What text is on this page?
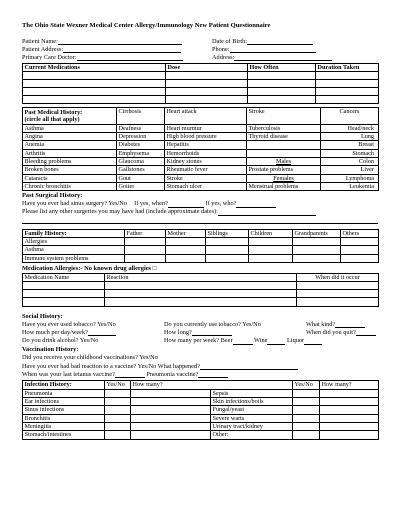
The Ohio State Wexner Medical Center Allergy/Immunology New Patient Questionnaire
Patient Name:	Date of Birth:
Patient Address:	Phone:
Primary Care Doctor:	Address:
Current Medications	Dose	How Often	Duration Taken

Past Medical History:	Cirrhosis	Heart attack	Stroke	Cancers
(circle all that apply)				
Asthma	Deafness	Heart murmur	Tuberculosis	Head/neck
Angina	Depression	High blood pressure	Thyroid disease	Lung
Anemia	Diabetes	Hepatitis		Breast
Arthritis	Emphysema	Hemorrhoids		Stomach
Bleeding problems	Glaucoma	Kidney stones	Males	Colon
Broken bones	Gallstones	Rheumatic fever	Prostate problems	Liver
Cataracts	Gout	Stroke	Females	Lymphoma
Chronic bronchitis	Goiter	Stomach ulcer	Menstrual problems	Leukemia
Past Surgical History:
Have you ever had sinus surgery? Yes/No If yes, when?	If yes, who?
Please list any other surgeries you may have had (include approximate dates):
Family History:	Father	Mother	Siblings	Children	Grandparents	Others
Allergies						
Asthma						
Immune system problems						
Medication Allergies:- No known drug allergies □
Medication Name	Reaction	When did it occur

Social History:
Have you ever used tobacco? Yes/No	Do you currently use tobacco? Yes/No	What kind?
How much per day/week?	How long?	When did you quit?
Do you drink alcohol? Yes/No	How many per week? Beer	Wine	Liquor
Vaccination History:
Did you receive your childhood vaccinations? Yes/No
Have you ever had bad reaction to a vaccine? Yes/No What happened?
When was your last tetanus vaccine?	Pneumonia vaccine?
Infection History:	Yes/No	How many?		Yes/No	How many?
Pneumonia			Sepsis		
Ear infections			Skin infections/boils		
Sinus infections			Fungal/yeast		
Bronchitis			Severe warts		
Meningitis			Urinary tract/kidney		
Stomach/intestines			Other:		
